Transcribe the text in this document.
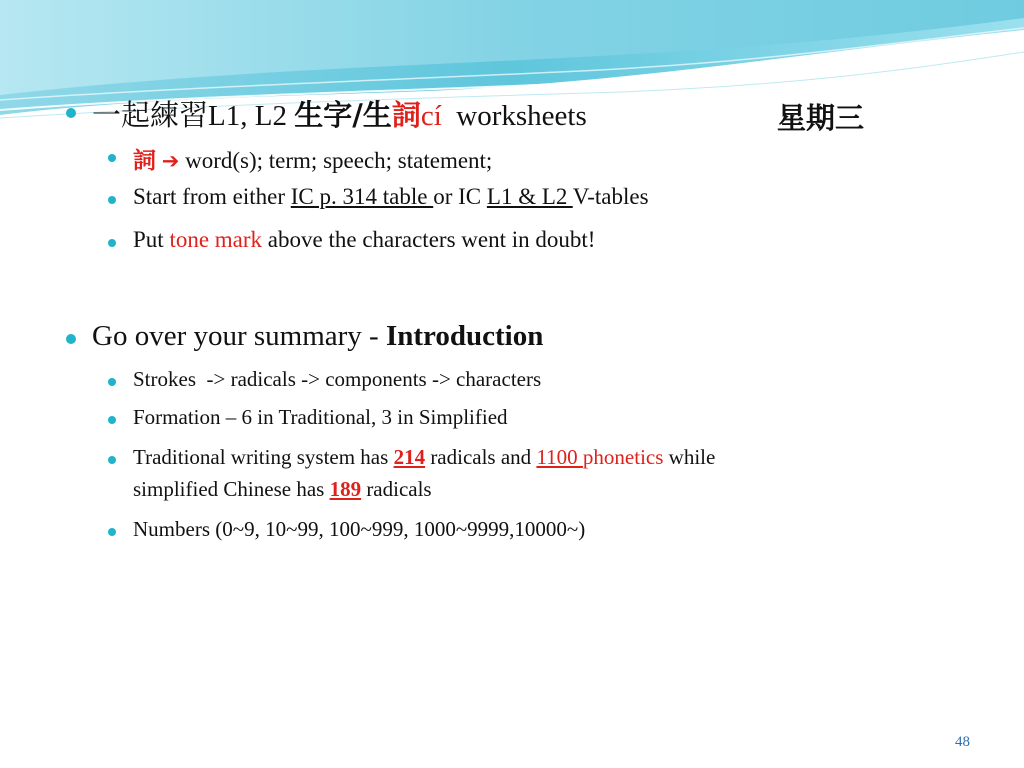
一起練習L1, L2 生字/生詞cí  worksheets	星期三
詞 ➔ word(s); term; speech; statement;
Start from either IC p. 314 table or IC L1 & L2 V-tables
Put tone mark above the characters went in doubt!
Go over your summary - Introduction
Strokes  -> radicals -> components -> characters
Formation – 6 in Traditional, 3 in Simplified
Traditional writing system has 214 radicals and 1100 phonetics while
simplified Chinese has 189 radicals
Numbers (0~9, 10~99, 100~999, 1000~9999,10000~)
48
